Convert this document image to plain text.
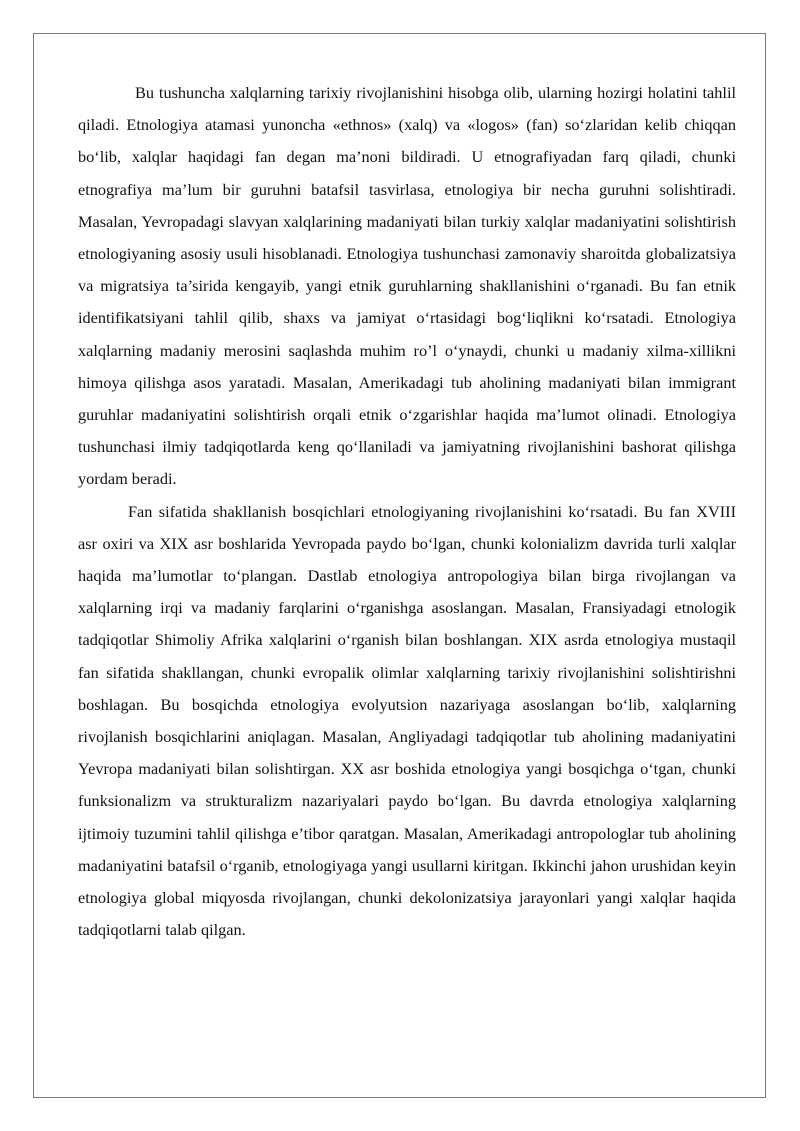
Bu tushuncha xalqlarning tarixiy rivojlanishini hisobga olib, ularning hozirgi holatini tahlil qiladi. Etnologiya atamasi yunoncha «ethnos» (xalq) va «logos» (fan) so‘zlaridan kelib chiqqan bo‘lib, xalqlar haqidagi fan degan ma’noni bildiradi. U etnografiyadan farq qiladi, chunki etnografiya ma’lum bir guruhni batafsil tasvirlasa, etnologiya bir necha guruhni solishtiradi. Masalan, Yevropadagi slavyan xalqlarining madaniyati bilan turkiy xalqlar madaniyatini solishtirish etnologiyaning asosiy usuli hisoblanadi. Etnologiya tushunchasi zamonaviy sharoitda globalizatsiya va migratsiya ta’sirida kengayib, yangi etnik guruhlarning shakllanishini o‘rganadi. Bu fan etnik identifikatsiyani tahlil qilib, shaxs va jamiyat o‘rtasidagi bog‘liqlikni ko‘rsatadi. Etnologiya xalqlarning madaniy merosini saqlashda muhim ro’l o‘ynaydi, chunki u madaniy xilma-xillikni himoya qilishga asos yaratadi. Masalan, Amerikadagi tub aholining madaniyati bilan immigrant guruhlar madaniyatini solishtirish orqali etnik o‘zgarishlar haqida ma’lumot olinadi. Etnologiya tushunchasi ilmiy tadqiqotlarda keng qo‘llaniladi va jamiyatning rivojlanishini bashorat qilishga yordam beradi.

Fan sifatida shakllanish bosqichlari etnologiyaning rivojlanishini ko‘rsatadi. Bu fan XVIII asr oxiri va XIX asr boshlarida Yevropada paydo bo‘lgan, chunki kolonializm davrida turli xalqlar haqida ma’lumotlar to‘plangan. Dastlab etnologiya antropologiya bilan birga rivojlangan va xalqlarning irqi va madaniy farqlarini o‘rganishga asoslangan. Masalan, Fransiyadagi etnologik tadqiqotlar Shimoliy Afrika xalqlarini o‘rganish bilan boshlangan. XIX asrda etnologiya mustaqil fan sifatida shakllangan, chunki evropalik olimlar xalqlarning tarixiy rivojlanishini solishtirishni boshlagan. Bu bosqichda etnologiya evolyutsion nazariyaga asoslangan bo‘lib, xalqlarning rivojlanish bosqichlarini aniqlagan. Masalan, Angliyadagi tadqiqotlar tub aholining madaniyatini Yevropa madaniyati bilan solishtirgan. XX asr boshida etnologiya yangi bosqichga o‘tgan, chunki funksionalizm va strukturalizm nazariyalari paydo bo‘lgan. Bu davrda etnologiya xalqlarning ijtimoiy tuzumini tahlil qilishga e’tibor qaratgan. Masalan, Amerikadagi antropologlar tub aholining madaniyatini batafsil o‘rganib, etnologiyaga yangi usullarni kiritgan. Ikkinchi jahon urushidan keyin etnologiya global miqyosda rivojlangan, chunki dekolonizatsiya jarayonlari yangi xalqlar haqida tadqiqotlarni talab qilgan.
